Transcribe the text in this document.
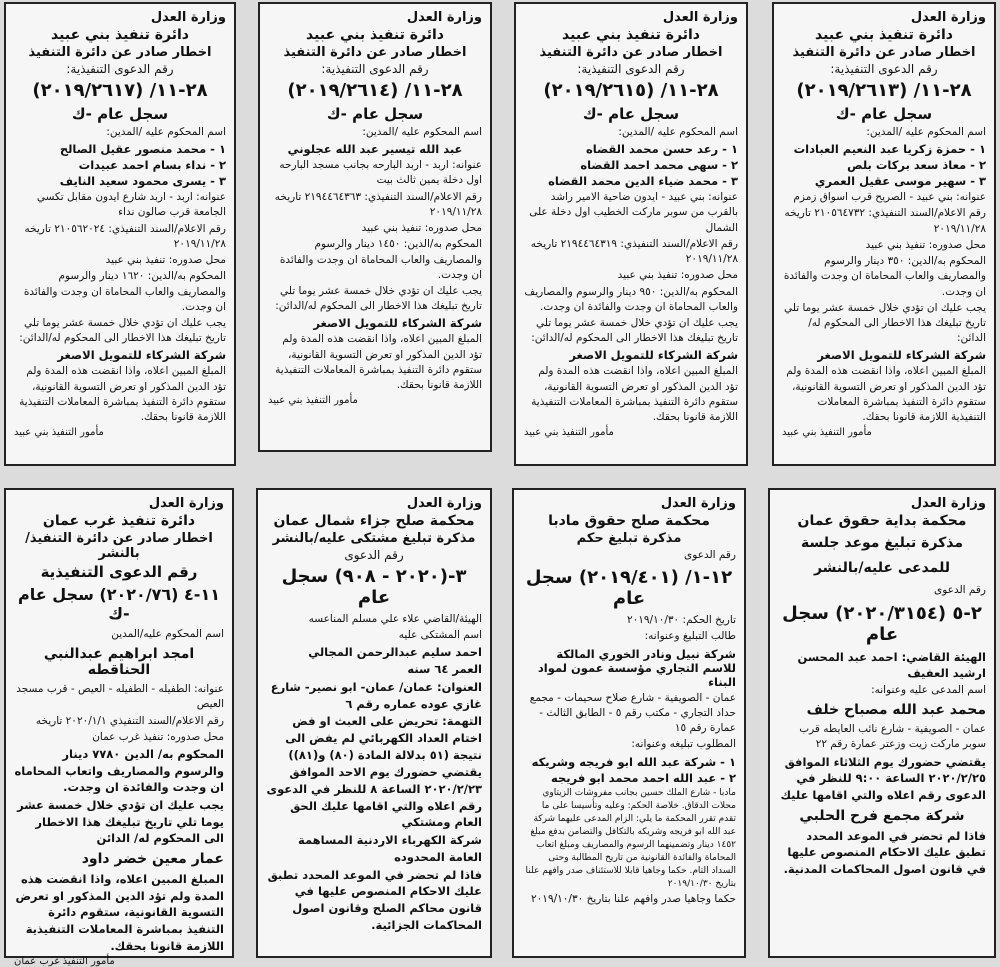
وزارة العدل
دائرة تنفيذ بني عبيد
اخطار صادر عن دائرة التنفيذ
رقم الدعوى التنفيذية:
٢٨-١١/ (٢٠١٩/٢٦١٣)
سجل عام -ك
اسم المحكوم عليه /المدين:
١ - حمزة زكريا عبد النعيم العبادات
٢ - معاذ سعد بركات بلص
٣ - سهير موسى عقيل العمري
عنوانه: بني عبيد - الصريح قرب اسواق زمزم
رقم الاعلام/السند التنفيذي: ٢١٠٥٦٤٧٣٢ تاريخه ٢٠١٩/١١/٢٨
محل صدوره: تنفيذ بني عبيد
المحكوم به/الدين: ٣٥٠ دينار والرسوم والمصاريف والعاب المحاماة ان وجدت والفائدة ان وجدت.
يجب عليك ان تؤدي خلال خمسة عشر يوما تلي تاريخ تبليغك هذا الاخطار الى المحكوم له/الدائن:
شركة الشركاء للتمويل الاصغر
المبلغ المبين اعلاه، واذا انقضت هذه المدة ولم تؤد الدين المذكور او تعرض التسوية القانونية، ستقوم دائرة التنفيذ بمباشرة المعاملات التنفيذية اللازمة قانونا بحقك.
مأمور التنفيذ بني عبيد
وزارة العدل
دائرة تنفيذ بني عبيد
اخطار صادر عن دائرة التنفيذ
رقم الدعوى التنفيذية:
٢٨-١١/ (٢٠١٩/٢٦١٥)
سجل عام -ك
اسم المحكوم عليه /المدين:
١ - رعد حسن محمد القضاه
٢ - سهى محمد احمد القضاه
٣ - محمد ضياء الدين محمد القضاه
عنوانه: بني عبيد - ايدون ضاحية الامير راشد بالقرب من سوبر ماركت الخطيب اول دخلة على الشمال
رقم الاعلام/السند التنفيذي: ٢١٩٤٤٦٤٣١٩ تاريخه ٢٠١٩/١١/٢٨
محل صدوره: تنفيذ بني عبيد
المحكوم به/الدين: ٩٥٠ دينار والرسوم والمصاريف والعاب المحاماة ان وجدت والفائدة ان وجدت.
يجب عليك ان تؤدي خلال خمسة عشر يوما تلي تاريخ تبليغك هذا الاخطار الى المحكوم له/الدائن:
شركة الشركاء للتمويل الاصغر
المبلغ المبين اعلاه، واذا انقضت هذه المدة ولم تؤد الدين المذكور او تعرض التسوية القانونية، ستقوم دائرة التنفيذ بمباشرة المعاملات التنفيذية اللازمة قانونا بحقك.
مأمور التنفيذ بني عبيد
وزارة العدل
دائرة تنفيذ بني عبيد
اخطار صادر عن دائرة التنفيذ
رقم الدعوى التنفيذية:
٢٨-١١/ (٢٠١٩/٢٦١٤)
سجل عام -ك
اسم المحكوم عليه /المدين:
عبد الله تيسير عبد الله عجلوني
عنوانه: اربد - اربد البارحه بجانب مسجد البارحه اول دخلة يمين ثالث بيت
رقم الاعلام/السند التنفيذي: ٢١٩٤٤٦٤٣٦٣ تاريخه ٢٠١٩/١١/٢٨
محل صدوره: تنفيذ بني عبيد
المحكوم به/الدين: ١٤٥٠ دينار والرسوم والمصاريف والعاب المحاماة ان وجدت والفائدة ان وجدت.
يجب عليك ان تؤدي خلال خمسة عشر يوما تلي تاريخ تبليغك هذا الاخطار الى المحكوم له/الدائن:
شركة الشركاء للتمويل الاصغر
المبلغ المبين اعلاه، واذا انقضت هذه المدة ولم تؤد الدين المذكور او تعرض التسوية القانونية، ستقوم دائرة التنفيذ بمباشرة المعاملات التنفيذية اللازمة قانونا بحقك.
مأمور التنفيذ بني عبيد
وزارة العدل
دائرة تنفيذ بني عبيد
اخطار صادر عن دائرة التنفيذ
رقم الدعوى التنفيذية:
٢٨-١١/ (٢٠١٩/٢٦١٧)
سجل عام -ك
اسم المحكوم عليه /المدين:
١ - محمد منصور عقيل الصالح
٢ - نداء بسام احمد عبيدات
٣ - يسرى محمود سعيد النايف
عنوانه: اربد - اربد شارع ايدون مقابل تكسي الجامعة قرب صالون نداء
رقم الاعلام/السند التنفيذي: ٢١٠٥٦٢٠٢٤ تاريخه ٢٠١٩/١١/٢٨
محل صدوره: تنفيذ بني عبيد
المحكوم به/الدين: ١٦٢٠ دينار والرسوم والمصاريف والعاب المحاماة ان وجدت والفائدة ان وجدت.
يجب عليك ان تؤدي خلال خمسة عشر يوما تلي تاريخ تبليغك هذا الاخطار الى المحكوم له/الدائن:
شركة الشركاء للتمويل الاصغر
المبلغ المبين اعلاه، واذا انقضت هذه المدة ولم تؤد الدين المذكور او تعرض التسوية القانونية، ستقوم دائرة التنفيذ بمباشرة المعاملات التنفيذية اللازمة قانونا بحقك.
مأمور التنفيذ بني عبيد
وزارة العدل
محكمة بداية حقوق عمان
مذكرة تبليغ موعد جلسة للمدعى عليه/بالنشر
رقم الدعوى
٢-٥ (٢٠٢٠/٣١٥٤) سجل عام
الهيئة القاضي: احمد عبد المحسن ارشيد العفيف
اسم المدعى عليه وعنوانه:
محمد عبد الله مصباح خلف
عمان - الصويفية - شارع نائب العايطه قرب سوبر ماركت زيت وزعتر عمارة رقم ٢٢
يقتضي حضورك يوم الثلاثاء الموافق ٢٠٢٠/٢/٢٥ الساعة ٩:٠٠ للنظر في الدعوى رقم اعلاه والتي اقامها عليك
شركة مجمع فرح الحلبي
فاذا لم تحضر في الموعد المحدد تطبق عليك الاحكام المنصوص عليها في قانون اصول المحاكمات المدنية.
وزارة العدل
محكمة صلح حقوق مادبا
مذكرة تبليغ حكم
رقم الدعوى
١٢-١/ (٢٠١٩/٤٠١) سجل عام
تاريخ الحكم: ٢٠١٩/١٠/٣٠
طالب التبليغ وعنوانه:
شركة نبيل ونادر الخوري المالكة للاسم التجاري مؤسسة عمون لمواد البناء
عمان - الصويفية - شارع صلاح سحيمات - مجمع حداد التجاري - مكتب رقم ٥ - الطابق الثالث - عمارة رقم ١٥
المطلوب تبليغه وعنوانه:
١ - شركة عبد الله ابو فريجه وشريكه
٢ - عبد الله احمد محمد ابو فريجه
مادبا - شارع الملك حسين بجانب مفروشات الزيتاوي محلات الدقاق. خلاصة الحكم: وعليه وتأسيسا على ما تقدم تقرر المحكمة ما يلي: الزام المدعى عليهما شركة عبد الله ابو فريجه وشريكه بالتكافل والتضامن بدفع مبلغ ١٤٥٢ دينار وتضمينهما الرسوم والمصاريف ومبلغ اتعاب المحاماة والفائدة القانونية من تاريخ المطالبة وحتى السداد التام. حكما وجاهيا قابلا للاستئناف صدر وافهم علنا بتاريخ ٢٠١٩/١٠/٣٠
حكما وجاهيا صدر وافهم علنا بتاريخ ٢٠١٩/١٠/٣٠
وزارة العدل
محكمة صلح جزاء شمال عمان
مذكرة تبليغ مشتكى عليه/بالنشر
رقم الدعوى
٣-(٢٠٢٠ - ٩٠٨) سجل عام
الهيئة/القاضي علاء علي مسلم المناعسه
اسم المشتكى عليه
احمد سليم عبدالرحمن المجالي
العمر ٦٤ سنه
العنوان: عمان/ عمان- ابو نصير- شارع غازي عوده عماره رقم ٦
التهمة: تحريض على العبث او فض اختام العداد الكهربائي لم يفض الى نتيجة (٥١ بدلالة المادة (٨٠) و(٨١))
يقتضي حضورك يوم الاحد الموافق ٢٠٢٠/٢/٢٣ الساعة ٨ للنظر في الدعوى رقم اعلاه والتي اقامها عليك الحق العام ومشتكي
شركة الكهرباء الاردنية المساهمة العامة المحدوده
فاذا لم تحضر في الموعد المحدد تطبق عليك الاحكام المنصوص عليها في قانون محاكم الصلح وقانون اصول المحاكمات الجزائية.
وزارة العدل
دائرة تنفيذ غرب عمان
اخطار صادر عن دائرة التنفيذ/بالنشر
رقم الدعوى التنفيذية
١١-٤ (٢٠٢٠/٧٦) سجل عام -ك
اسم المحكوم عليه/المدين
امجد ابراهيم عبدالنبي الحناقطه
عنوانه: الطفيله - الطفيله - العيص - قرب مسجد العيص
رقم الاعلام/السند التنفيذي ٢٠٢٠/١/١ تاريخه
محل صدوره: تنفيذ غرب عمان
المحكوم به/ الدين ٧٧٨٠ دينار والرسوم والمصاريف واتعاب المحاماه ان وجدت والفائدة ان وجدت.
يجب عليك ان تؤدي خلال خمسة عشر يوما تلي تاريخ تبليغك هذا الاخطار الى المحكوم له/ الدائن
عمار معين خضر داود
المبلغ المبين اعلاه، واذا انقضت هذه المدة ولم تؤد الدين المذكور او تعرض التسوية القانونية، ستقوم دائرة التنفيذ بمباشرة المعاملات التنفيذية اللازمة قانونا بحقك.
مأمور التنفيذ غرب عمان
